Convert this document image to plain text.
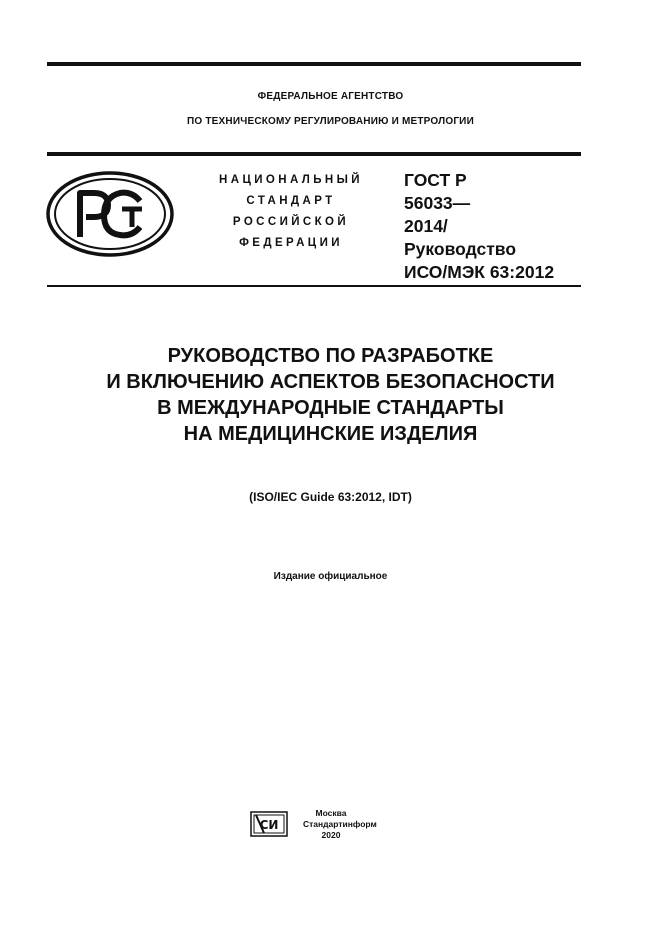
ФЕДЕРАЛЬНОЕ АГЕНТСТВО
ПО ТЕХНИЧЕСКОМУ РЕГУЛИРОВАНИЮ И МЕТРОЛОГИИ
НАЦИОНАЛЬНЫЙ
СТАНДАРТ
РОССИЙСКОЙ
ФЕДЕРАЦИИ
ГОСТ Р
56033—
2014/
Руководство
ИСО/МЭК 63:2012
РУКОВОДСТВО ПО РАЗРАБОТКЕ
И ВКЛЮЧЕНИЮ АСПЕКТОВ БЕЗОПАСНОСТИ
В МЕЖДУНАРОДНЫЕ СТАНДАРТЫ
НА МЕДИЦИНСКИЕ ИЗДЕЛИЯ
(ISO/IEC Guide 63:2012, IDT)
Издание официальное
СИ
Москва
Стандартинформ
2020
